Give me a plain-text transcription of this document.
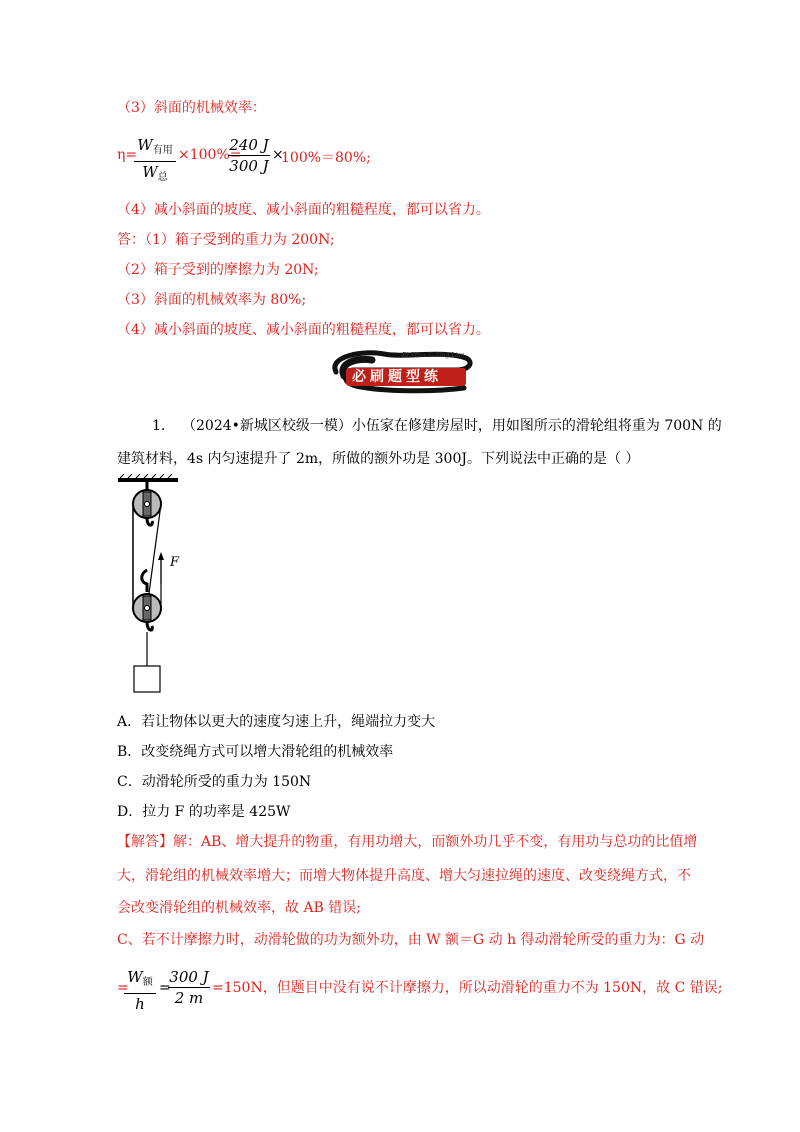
（3）斜面的机械效率：
η=
$W_{有用}$
$W_总$
×100%=
240 J
300 J
×
100%＝80%;
（4）减小斜面的坡度、减小斜面的粗糙程度，都可以省力。
答：（1）箱子受到的重力为 200N;
（2）箱子受到的摩擦力为 20N;
（3）斜面的机械效率为 80%;
（4）减小斜面的坡度、减小斜面的粗糙程度，都可以省力。
必刷题型练
Bi Shua Ti Xing Lian
1. （2024•新城区校级一模）小伍家在修建房屋时，用如图所示的滑轮组将重为 700N 的
建筑材料，4s 内匀速提升了 2m，所做的额外功是 300J。下列说法中正确的是（ ）
F
A．若让物体以更大的速度匀速上升，绳端拉力变大
B．改变绕绳方式可以增大滑轮组的机械效率
C．动滑轮所受的重力为 150N
D．拉力 F 的功率是 425W
【解答】解：AB、增大提升的物重，有用功增大，而额外功几乎不变，有用功与总功的比值增
大，滑轮组的机械效率增大；而增大物体提升高度、增大匀速拉绳的速度、改变绕绳方式，不
会改变滑轮组的机械效率，故 AB 错误;
C、若不计摩擦力时，动滑轮做的功为额外功，由 W 额＝G 动 h 得动滑轮所受的重力为：G 动
=
$W_额$
h
=
300 J
2 m
=150N，但题目中没有说不计摩擦力，所以动滑轮的重力不为 150N，故 C 错误;
